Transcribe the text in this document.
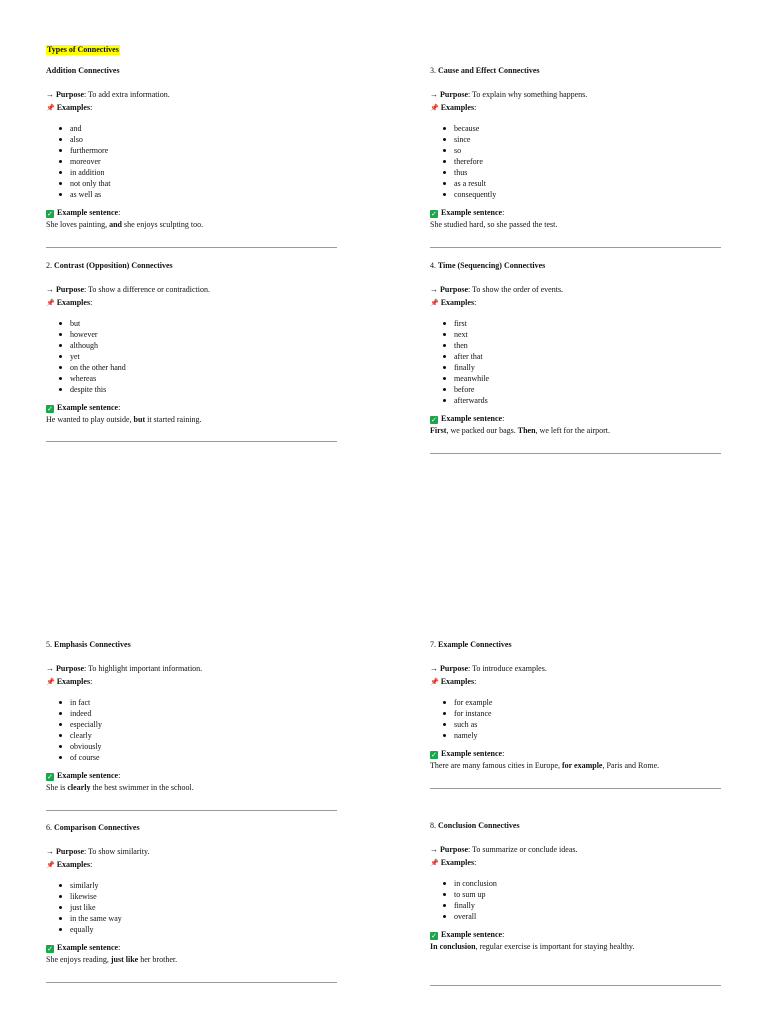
Types of Connectives
Addition Connectives
→ Purpose: To add extra information.
📌 Examples:
and
also
furthermore
moreover
in addition
not only that
as well as
✓ Example sentence:
She loves painting, and she enjoys sculpting too.
2. Contrast (Opposition) Connectives
→ Purpose: To show a difference or contradiction.
📌 Examples:
but
however
although
yet
on the other hand
whereas
despite this
✓ Example sentence:
He wanted to play outside, but it started raining.
3. Cause and Effect Connectives
→ Purpose: To explain why something happens.
📌 Examples:
because
since
so
therefore
thus
as a result
consequently
✓ Example sentence:
She studied hard, so she passed the test.
4. Time (Sequencing) Connectives
→ Purpose: To show the order of events.
📌 Examples:
first
next
then
after that
finally
meanwhile
before
afterwards
✓ Example sentence:
First, we packed our bags. Then, we left for the airport.
5. Emphasis Connectives
→ Purpose: To highlight important information.
📌 Examples:
in fact
indeed
especially
clearly
obviously
of course
✓ Example sentence:
She is clearly the best swimmer in the school.
6. Comparison Connectives
→ Purpose: To show similarity.
📌 Examples:
similarly
likewise
just like
in the same way
equally
✓ Example sentence:
She enjoys reading, just like her brother.
7. Example Connectives
→ Purpose: To introduce examples.
📌 Examples:
for example
for instance
such as
namely
✓ Example sentence:
There are many famous cities in Europe, for example, Paris and Rome.
8. Conclusion Connectives
→ Purpose: To summarize or conclude ideas.
📌 Examples:
in conclusion
to sum up
finally
overall
✓ Example sentence:
In conclusion, regular exercise is important for staying healthy.
